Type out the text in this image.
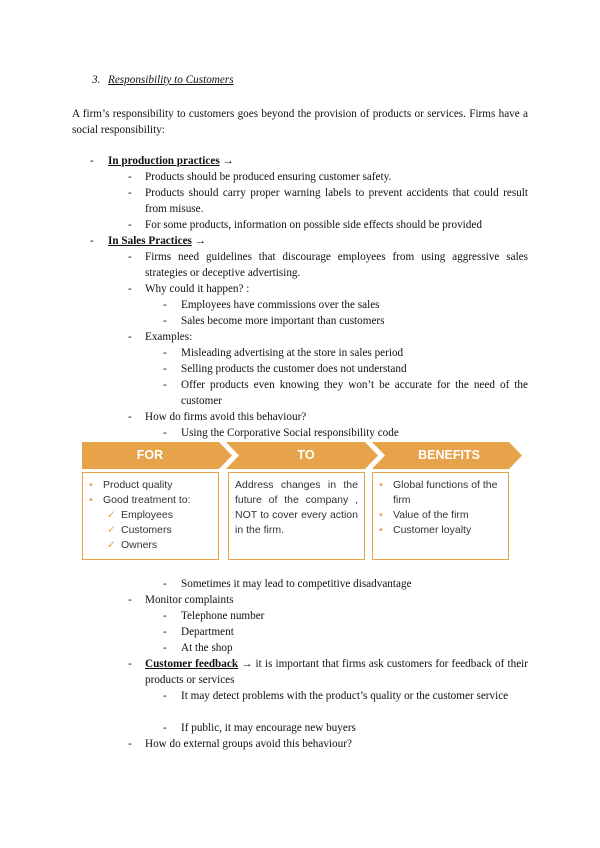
3. Responsibility to Customers
A firm’s responsibility to customers goes beyond the provision of products or services. Firms have a social responsibility:
- In production practices →
- Products should be produced ensuring customer safety.
- Products should carry proper warning labels to prevent accidents that could result from misuse.
- For some products, information on possible side effects should be provided
- In Sales Practices →
- Firms need guidelines that discourage employees from using aggressive sales strategies or deceptive advertising.
- Why could it happen? :
- Employees have commissions over the sales
- Sales become more important than customers
- Examples:
- Misleading advertising at the store in sales period
- Selling products the customer does not understand
- Offer products even knowing they won’t be accurate for the need of the customer
- How do firms avoid this behaviour?
- Using the Corporative Social responsibility code
FOR	TO	BENEFITS
• Product quality
• Good treatment to:
✓ Employees
✓ Customers
✓ Owners
Address changes in the future of the company , NOT to cover every action in the firm.
• Global functions of the firm
• Value of the firm
• Customer loyalty
- Sometimes it may lead to competitive disadvantage
- Monitor complaints
- Telephone number
- Department
- At the shop
- Customer feedback → it is important that firms ask customers for feedback of their products or services
- It may detect problems with the product’s quality or the customer service
- If public, it may encourage new buyers
- How do external groups avoid this behaviour?
